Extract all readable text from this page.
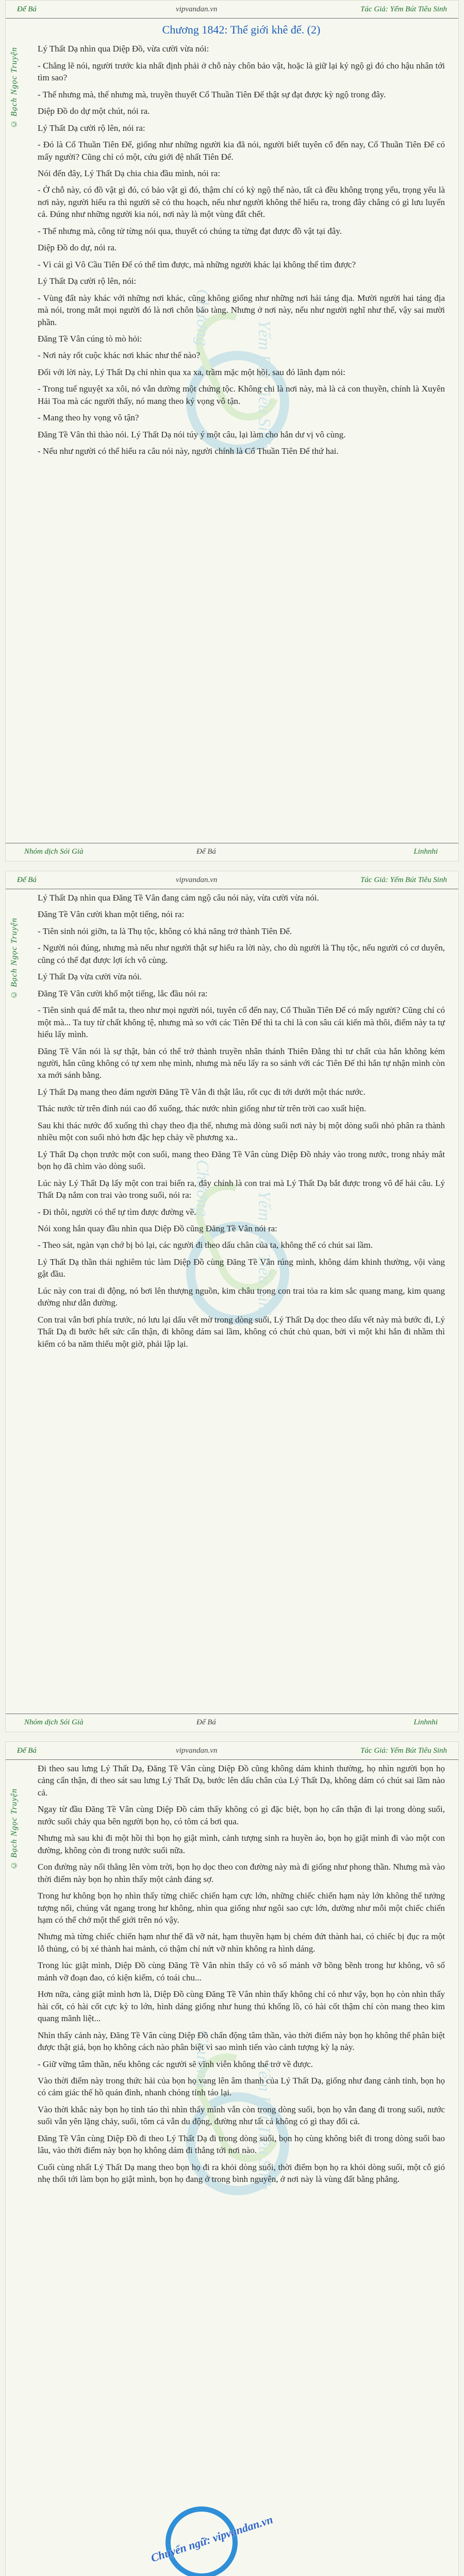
Đế Bá	vipvandan.vn	Tác Giả: Yếm Bút Tiêu Sinh
© Bạch Ngọc Truyện
Chương
Yếm Bút Tiêu Sinh
Chương 1842: Thế giới khê đế. (2)

Lý Thất Dạ nhìn qua Diệp Đồ, vừa cười vừa nói:

- Chẳng lẽ nói, người trước kia nhất định phải ở chỗ này chôn bảo vật, hoặc là giữ lại ký ngộ gì đó cho hậu nhân tới tìm sao?

- Thế nhưng mà, thế nhưng mà, truyền thuyết Cổ Thuần Tiên Đế thật sự đạt được kỳ ngộ trong đây.

Diệp Đồ do dự một chút, nói ra.

Lý Thất Dạ cười rộ lên, nói ra:

- Đó là Cổ Thuần Tiên Đế, giống như những người kia đã nói, người biết tuyên cổ đến nay, Cổ Thuần Tiên Đế có mấy người? Cũng chỉ có một, cứu giới đệ nhất Tiên Đế.

Nói đến đây, Lý Thất Dạ chia chia đầu mình, nói ra:

- Ở chỗ này, có đồ vật gì đó, có bảo vật gì đó, thậm chí có kỳ ngộ thế nào, tất cả đều không trọng yếu, trọng yếu là nơi này, người hiểu ra thì người sẽ có thu hoạch, nếu như người không thể hiểu ra, trong đây chẳng có gì lưu luyến cả. Đúng như những người kia nói, nơi này là một vùng đất chết.

- Thế nhưng mà, công tử từng nói qua, thuyết có chúng ta từng đạt được đồ vật tại đây.

Diệp Đồ do dự, nói ra.

- Vì cái gì Vô Cầu Tiên Đế có thể tìm được, mà những người khác lại không thể tìm được?

Lý Thất Dạ cười rộ lên, nói:

- Vùng đất này khác với những nơi khác, cũng không giống như những nơi hải táng địa. Mười người hai táng địa mà nói, trong mắt mọi người đó là nơi chôn bảo tàng. Nhưng ở nơi này, nếu như người nghĩ như thế, vậy sai mười phần.

Đăng Tề Vân cúng tò mò hỏi:

- Nơi này rốt cuộc khác nơi khác như thế nào?

Đối với lời này, Lý Thất Dạ chỉ nhìn qua xa xa, trầm mặc một hồi, sau đó lãnh đạm nói:

- Trong tuế nguyệt xa xôi, nó vẫn dường một chứng tộc. Không chi là nơi này, mà là cả con thuyền, chính là Xuyên Hải Toa mà các người thấy, nó mang theo ký vọng vô tận.

- Mang theo hy vọng vô tận?

Đăng Tề Vân thì thào nói. Lý Thất Dạ nói túy ý một câu, lại làm cho hắn dư vị vô cùng.

- Nếu như người có thể hiểu ra câu nói này, người chính là Cổ Thuần Tiên Đế thứ hai.

Nhóm dịch Sói Già	Đế Bá	Linhnhi
Đế Bá	vipvandan.vn	Tác Giả: Yếm Bút Tiêu Sinh
© Bạch Ngọc Truyện
Chương
Yếm Bút Tiêu Sinh

Lý Thất Dạ nhìn qua Đăng Tề Vân đang cảm ngộ câu nói này, vừa cười vừa nói.

Đăng Tề Vân cười khan một tiếng, nói ra:

- Tiên sinh nói giỡn, ta là Thụ tộc, không có khả năng trở thành Tiên Đế.

- Người nói đúng, nhưng mà nếu như người thật sự hiểu ra lời này, cho dù người là Thụ tộc, nếu người có cơ duyên, cũng có thể đạt được lợi ích vô cùng.

Lý Thất Dạ vừa cười vừa nói.

Đăng Tề Vân cười khổ một tiếng, lắc đầu nói ra:

- Tiên sinh quá để mắt ta, theo như mọi người nói, tuyên cổ đến nay, Cổ Thuần Tiên Đế có mấy người? Cũng chỉ có một mà... Ta tuy từ chất không tệ, nhưng mà so với các Tiên Đế thì ta chỉ là con sâu cái kiến mà thôi, điểm này ta tự hiểu lấy mình.

Đăng Tề Vân nói là sự thật, bản có thể trở thành truyền nhân thánh Thiên Đằng thì tư chất của hắn không kém người, hắn cũng không có tự xem nhẹ mình, nhưng mà nếu lấy ra so sánh với các Tiên Đế thì hắn tự nhận mình còn xa mới sánh bằng.

Lý Thất Dạ mang theo đám người Đăng Tề Vân đi thật lâu, rốt cục đi tới dưới một thác nước.

Thác nước từ trên đỉnh núi cao đổ xuống, thác nước nhìn giống như từ trên trời cao xuất hiện.

Sau khi thác nước đổ xuống thì chạy theo địa thế, nhưng mà dòng suối nơi này bị một dòng suối nhỏ phân ra thành nhiều một con suối nhỏ hơn đặc hẹp chảy về phương xa..

Lý Thất Dạ chọn trước một con suối, mang theo Đăng Tề Vân cùng Diệp Đồ nhảy vào trong nước, trong nháy mắt bọn họ đã chìm vào dòng suối.

Lúc này Lý Thất Dạ lấy một con trai biển ra, đây chính là con trai mà Lý Thất Dạ bắt được trong vô để hải câu. Lý Thất Dạ nắm con trai vào trong suối, nói ra:

- Đi thôi, người có thể tự tìm được đường về.

Nói xong hắn quay đầu nhìn qua Diệp Đồ cũng Đăng Tề Vân nói ra:

- Theo sát, ngàn vạn chớ bị bỏ lại, các người đi theo dấu chân của ta, không thể có chút sai lầm.

Lý Thất Dạ thần thái nghiêm túc làm Diệp Đồ cùng Đăng Tề Vân rúng mình, không dám khinh thường, vội vàng gật đầu.

Lúc này con trai di động, nó bơi lên thượng nguồn, kim châu trong con trai tỏa ra kim sắc quang mang, kim quang dường như dẫn đường.

Con trai vẫn bơi phía trước, nó lưu lại dấu vết mờ trong dòng suối, Lý Thất Dạ dọc theo dấu vết này mà bước đi, Lý Thất Dạ đi bước hết sức cẩn thận, đi không dám sai lầm, không có chút chủ quan, bởi vì một khi hắn đi nhầm thì kiếm có ba năm thiếu một giờ, phải lập lại.

Nhóm dịch Sói Già	Đế Bá	Linhnhi
Đế Bá	vipvandan.vn	Tác Giả: Yếm Bút Tiêu Sinh
© Bạch Ngọc Truyện
Chương
Yếm Bút Tiêu Sinh

Đi theo sau lưng Lý Thất Dạ, Đăng Tề Vân cùng Diệp Đồ cũng không dám khinh thường, họ nhìn người bọn họ cảng cẩn thận, đi theo sát sau lưng Lý Thất Dạ, bước lên dấu chân của Lý Thất Dạ, không dám có chút sai lầm nào cả.

Ngay từ đầu Đăng Tề Vân cùng Diệp Đồ cảm thấy không có gì đặc biệt, bọn họ cẩn thận đi lại trong dòng suối, nước suối chảy qua bên người bọn họ, có tôm cá bơi qua.

Nhưng mà sau khi đi một hồi thì bọn họ giật mình, cảnh tượng sinh ra huyền ảo, bọn họ giật mình đi vào một con đường, không còn đi trong nước suối nữa.

Con đường này nối thẳng lên vòm trời, bọn họ dọc theo con đường này mà đi giống như phong thần. Nhưng mà vào thời điểm này bọn họ nhìn thấy một cảnh đáng sợ.

Trong hư không bọn họ nhìn thấy từng chiếc chiến hạm cực lớn, những chiếc chiến hạm này lớn không thể tưởng tượng nổi, chúng vắt ngang trong hư không, nhìn qua giống như ngôi sao cực lớn, dường như mỗi một chiếc chiến hạm có thể chở một thế giới trên nó vậy.

Nhưng mà từng chiếc chiến hạm như thế đã vỡ nát, hạm thuyền hạm bị chém đứt thành hai, có chiếc bị đục ra một lỗ thủng, có bị xé thành hai mảnh, có thậm chí nứt vỡ nhìn không ra hình dáng.

Trong lúc giật mình, Diệp Đồ cùng Đăng Tề Vân nhìn thấy có vô số mảnh vỡ bồng bềnh trong hư không, vô số mảnh vỡ đoạn đao, có kiện kiếm, có toái chu...

Hơn nữa, càng giật mình hơn là, Diệp Đồ cùng Đăng Tề Vân nhìn thấy không chỉ có như vậy, bọn họ còn nhìn thấy hài cốt, có hài cốt cực kỳ to lớn, hình dáng giống như hung thú khổng lồ, có hài cốt thậm chí còn mang theo kim quang mãnh liệt...

Nhìn thấy cảnh này, Đăng Tề Vân cùng Diệp Đồ chấn động tâm thần, vào thời điểm này bọn họ không thể phân biệt được thật giả, bọn họ không cách nào phân biệt vì sao mình tiến vào cảnh tượng kỳ lạ này.

- Giữ vững tâm thần, nếu không các người sẽ vĩnh viễn không thể trở về được.

Vào thời điểm này trong thức hải của bọn họ vang lên âm thanh của Lý Thất Dạ, giống như đang cảnh tỉnh, bọn họ có cảm giác thế hồ quán đỉnh, nhanh chóng tỉnh táo lại.

Vào thời khắc này bọn họ tỉnh táo thì nhìn thấy mình vẫn còn trong dòng suối, bọn họ vẫn đang đi trong suối, nước suối vẫn yên lặng chảy, suối, tôm cá vẫn du động, đường như tất cả không có gì thay đổi cả.

Đăng Tề Vân cùng Diệp Đồ đi theo Lý Thất Dạ đi trong dòng suối, bọn họ cùng không biết đi trong dòng suối bao lâu, vào thời điểm này bọn họ không dám đi thẳng tới nơi nào.

Cuối cùng nhất Lý Thất Dạ mang theo bọn họ đi ra khỏi dòng suối, thời điểm bọn họ ra khỏi dòng suối, một cỗ gió nhẹ thổi tới làm bọn họ giật mình, bọn họ đang ở trong bình nguyên, ở nơi này là vùng đất bằng phẳng.

Chuyển ngữ: vipvandan.vn
